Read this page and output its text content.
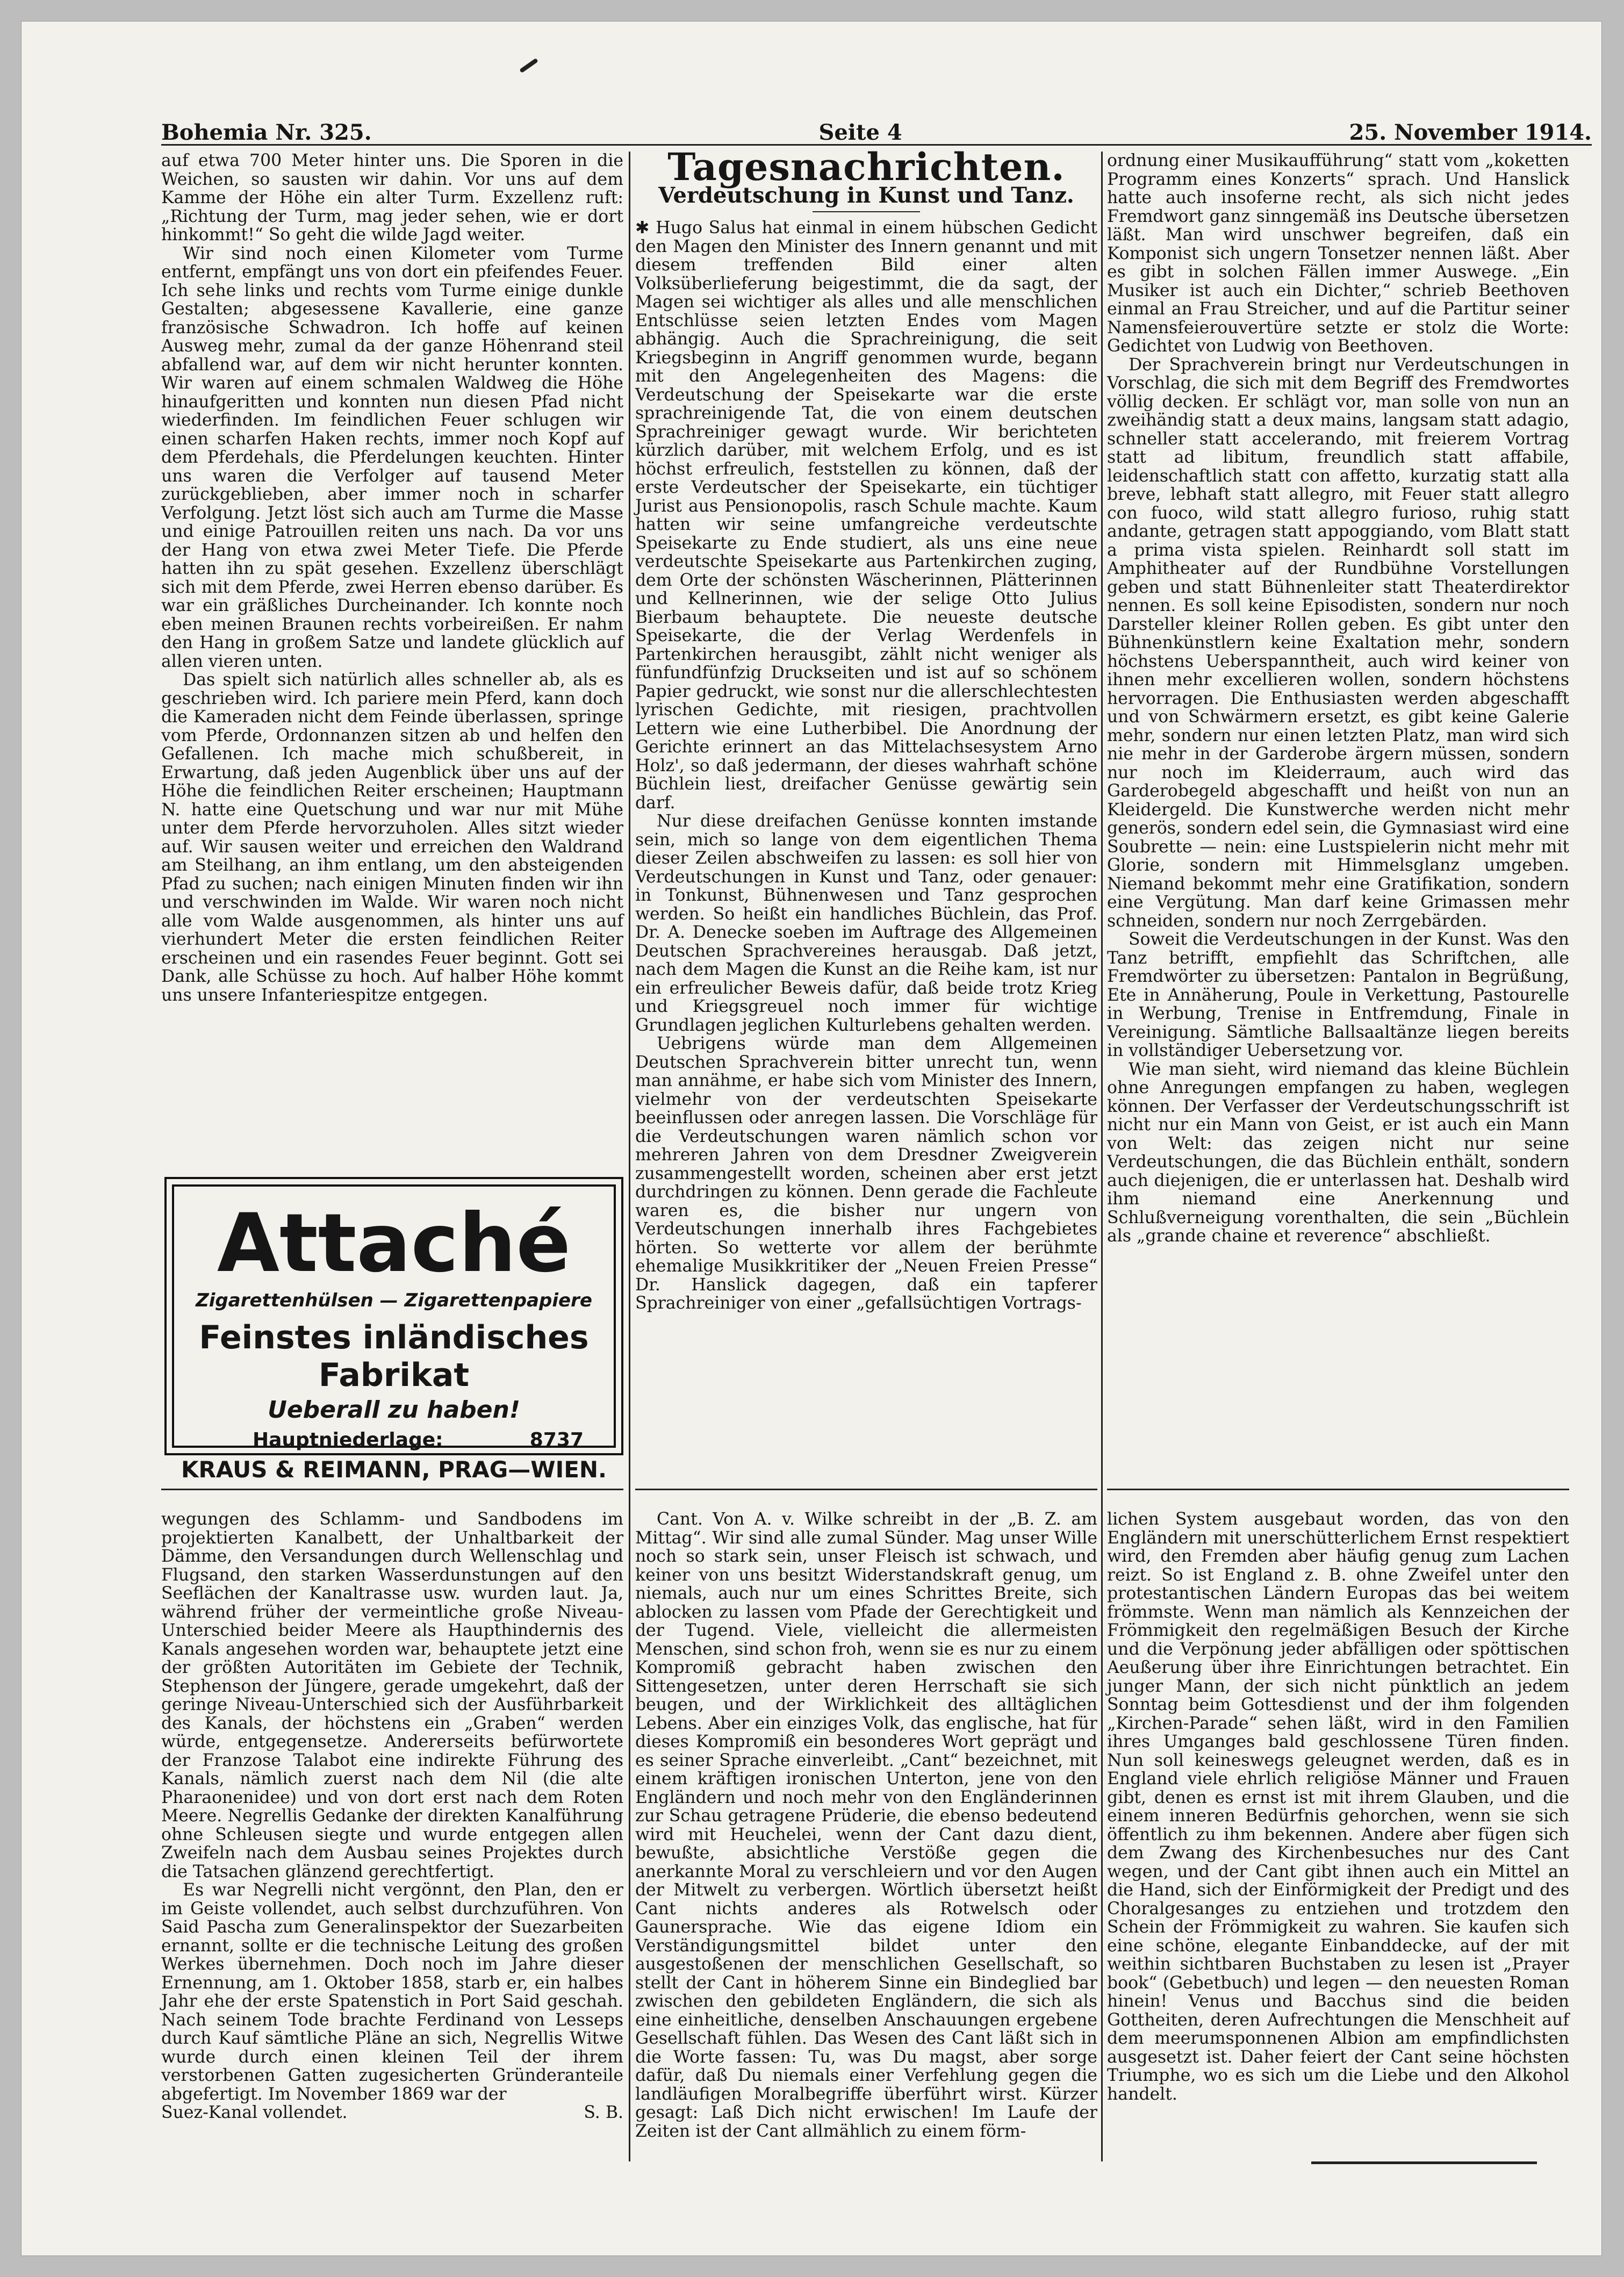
Bohemia Nr. 325.	Seite 4	25. November 1914.

auf etwa 700 Meter hinter uns. Die Sporen in die Weichen, so sausten wir dahin. Vor uns auf dem Kamme der Höhe ein alter Turm. Exzellenz ruft: „Richtung der Turm, mag jeder sehen, wie er dort hinkommt!“ So geht die wilde Jagd weiter.

Wir sind noch einen Kilometer vom Turme entfernt, empfängt uns von dort ein pfeifendes Feuer. Ich sehe links und rechts vom Turme einige dunkle Gestalten; abgesessene Kavallerie, eine ganze französische Schwadron. Ich hoffe auf keinen Ausweg mehr, zumal da der ganze Höhenrand steil abfallend war, auf dem wir nicht herunter konnten. Wir waren auf einem schmalen Waldweg die Höhe hinaufgeritten und konnten nun diesen Pfad nicht wiederfinden. Im feindlichen Feuer schlugen wir einen scharfen Haken rechts, immer noch Kopf auf dem Pferdehals, die Pferdelungen keuchten. Hinter uns waren die Verfolger auf tausend Meter zurückgeblieben, aber immer noch in scharfer Verfolgung. Jetzt löst sich auch am Turme die Masse und einige Patrouillen reiten uns nach. Da vor uns der Hang von etwa zwei Meter Tiefe. Die Pferde hatten ihn zu spät gesehen. Exzellenz überschlägt sich mit dem Pferde, zwei Herren ebenso darüber. Es war ein gräßliches Durcheinander. Ich konnte noch eben meinen Braunen rechts vorbeireißen. Er nahm den Hang in großem Satze und landete glücklich auf allen vieren unten.

Das spielt sich natürlich alles schneller ab, als es geschrieben wird. Ich pariere mein Pferd, kann doch die Kameraden nicht dem Feinde überlassen, springe vom Pferde, Ordonnanzen sitzen ab und helfen den Gefallenen. Ich mache mich schußbereit, in Erwartung, daß jeden Augenblick über uns auf der Höhe die feindlichen Reiter erscheinen; Hauptmann N. hatte eine Quetschung und war nur mit Mühe unter dem Pferde hervorzuholen. Alles sitzt wieder auf. Wir sausen weiter und erreichen den Waldrand am Steilhang, an ihm entlang, um den absteigenden Pfad zu suchen; nach einigen Minuten finden wir ihn und verschwinden im Walde. Wir waren noch nicht alle vom Walde ausgenommen, als hinter uns auf vierhundert Meter die ersten feindlichen Reiter erscheinen und ein rasendes Feuer beginnt. Gott sei Dank, alle Schüsse zu hoch. Auf halber Höhe kommt uns unsere Infanteriespitze entgegen.

Attaché
Zigarettenhülsen — Zigarettenpapiere
Feinstes inländisches Fabrikat
Ueberall zu haben!
Hauptniederlage:	8737
KRAUS & REIMANN, PRAG—WIEN.
Tagesnachrichten.
Verdeutschung in Kunst und Tanz.

✱ Hugo Salus hat einmal in einem hübschen Gedicht den Magen den Minister des Innern genannt und mit diesem treffenden Bild einer alten Volksüberlieferung beigestimmt, die da sagt, der Magen sei wichtiger als alles und alle menschlichen Entschlüsse seien letzten Endes vom Magen abhängig. Auch die Sprachreinigung, die seit Kriegsbeginn in Angriff genommen wurde, begann mit den Angelegenheiten des Magens: die Verdeutschung der Speisekarte war die erste sprachreinigende Tat, die von einem deutschen Sprachreiniger gewagt wurde. Wir berichteten kürzlich darüber, mit welchem Erfolg, und es ist höchst erfreulich, feststellen zu können, daß der erste Verdeutscher der Speisekarte, ein tüchtiger Jurist aus Pensionopolis, rasch Schule machte. Kaum hatten wir seine umfangreiche verdeutschte Speisekarte zu Ende studiert, als uns eine neue verdeutschte Speisekarte aus Partenkirchen zuging, dem Orte der schönsten Wäscherinnen, Plätterinnen und Kellnerinnen, wie der selige Otto Julius Bierbaum behauptete. Die neueste deutsche Speisekarte, die der Verlag Werdenfels in Partenkirchen herausgibt, zählt nicht weniger als fünfundfünfzig Druckseiten und ist auf so schönem Papier gedruckt, wie sonst nur die allerschlechtesten lyrischen Gedichte, mit riesigen, prachtvollen Lettern wie eine Lutherbibel. Die Anordnung der Gerichte erinnert an das Mittelachsesystem Arno Holz', so daß jedermann, der dieses wahrhaft schöne Büchlein liest, dreifacher Genüsse gewärtig sein darf.

Nur diese dreifachen Genüsse konnten imstande sein, mich so lange von dem eigentlichen Thema dieser Zeilen abschweifen zu lassen: es soll hier von Verdeutschungen in Kunst und Tanz, oder genauer: in Tonkunst, Bühnenwesen und Tanz gesprochen werden. So heißt ein handliches Büchlein, das Prof. Dr. A. Denecke soeben im Auftrage des Allgemeinen Deutschen Sprachvereines herausgab. Daß jetzt, nach dem Magen die Kunst an die Reihe kam, ist nur ein erfreulicher Beweis dafür, daß beide trotz Krieg und Kriegsgreuel noch immer für wichtige Grundlagen jeglichen Kulturlebens gehalten werden.

Uebrigens würde man dem Allgemeinen Deutschen Sprachverein bitter unrecht tun, wenn man annähme, er habe sich vom Minister des Innern, vielmehr von der verdeutschten Speisekarte beeinflussen oder anregen lassen. Die Vorschläge für die Verdeutschungen waren nämlich schon vor mehreren Jahren von dem Dresdner Zweigverein zusammengestellt worden, scheinen aber erst jetzt durchdringen zu können. Denn gerade die Fachleute waren es, die bisher nur ungern von Verdeutschungen innerhalb ihres Fachgebietes hörten. So wetterte vor allem der berühmte ehemalige Musikkritiker der „Neuen Freien Presse“ Dr. Hanslick dagegen, daß ein tapferer Sprachreiniger von einer „gefallsüchtigen Vortrags-

ordnung einer Musikaufführung“ statt vom „koketten Programm eines Konzerts“ sprach. Und Hanslick hatte auch insoferne recht, als sich nicht jedes Fremdwort ganz sinngemäß ins Deutsche übersetzen läßt. Man wird unschwer begreifen, daß ein Komponist sich ungern Tonsetzer nennen läßt. Aber es gibt in solchen Fällen immer Auswege. „Ein Musiker ist auch ein Dichter,“ schrieb Beethoven einmal an Frau Streicher, und auf die Partitur seiner Namensfeierouvertüre setzte er stolz die Worte: Gedichtet von Ludwig von Beethoven.

Der Sprachverein bringt nur Verdeutschungen in Vorschlag, die sich mit dem Begriff des Fremdwortes völlig decken. Er schlägt vor, man solle von nun an zweihändig statt a deux mains, langsam statt adagio, schneller statt accelerando, mit freierem Vortrag statt ad libitum, freundlich statt affabile, leidenschaftlich statt con affetto, kurzatig statt alla breve, lebhaft statt allegro, mit Feuer statt allegro con fuoco, wild statt allegro furioso, ruhig statt andante, getragen statt appoggiando, vom Blatt statt a prima vista spielen. Reinhardt soll statt im Amphitheater auf der Rundbühne Vorstellungen geben und statt Bühnenleiter statt Theaterdirektor nennen. Es soll keine Episodisten, sondern nur noch Darsteller kleiner Rollen geben. Es gibt unter den Bühnenkünstlern keine Exaltation mehr, sondern höchstens Ueberspanntheit, auch wird keiner von ihnen mehr excellieren wollen, sondern höchstens hervorragen. Die Enthusiasten werden abgeschafft und von Schwärmern ersetzt, es gibt keine Galerie mehr, sondern nur einen letzten Platz, man wird sich nie mehr in der Garderobe ärgern müssen, sondern nur noch im Kleiderraum, auch wird das Garderobegeld abgeschafft und heißt von nun an Kleidergeld. Die Kunstwerche werden nicht mehr generös, sondern edel sein, die Gymnasiast wird eine Soubrette — nein: eine Lustspielerin nicht mehr mit Glorie, sondern mit Himmelsglanz umgeben. Niemand bekommt mehr eine Gratifikation, sondern eine Vergütung. Man darf keine Grimassen mehr schneiden, sondern nur noch Zerrgebärden.

Soweit die Verdeutschungen in der Kunst. Was den Tanz betrifft, empfiehlt das Schriftchen, alle Fremdwörter zu übersetzen: Pantalon in Begrüßung, Ete in Annäherung, Poule in Verkettung, Pastourelle in Werbung, Trenise in Entfremdung, Finale in Vereinigung. Sämtliche Ballsaaltänze liegen bereits in vollständiger Uebersetzung vor.

Wie man sieht, wird niemand das kleine Büchlein ohne Anregungen empfangen zu haben, weglegen können. Der Verfasser der Verdeutschungsschrift ist nicht nur ein Mann von Geist, er ist auch ein Mann von Welt: das zeigen nicht nur seine Verdeutschungen, die das Büchlein enthält, sondern auch diejenigen, die er unterlassen hat. Deshalb wird ihm niemand eine Anerkennung und Schlußverneigung vorenthalten, die sein „Büchlein als „grande chaine et reverence“ abschließt.

wegungen des Schlamm- und Sandbodens im projektierten Kanalbett, der Unhaltbarkeit der Dämme, den Versandungen durch Wellenschlag und Flugsand, den starken Wasserdunstungen auf den Seeflächen der Kanaltrasse usw. wurden laut. Ja, während früher der vermeintliche große Niveau-Unterschied beider Meere als Haupthindernis des Kanals angesehen worden war, behauptete jetzt eine der größten Autoritäten im Gebiete der Technik, Stephenson der Jüngere, gerade umgekehrt, daß der geringe Niveau-Unterschied sich der Ausführbarkeit des Kanals, der höchstens ein „Graben“ werden würde, entgegensetze. Andererseits befürwortete der Franzose Talabot eine indirekte Führung des Kanals, nämlich zuerst nach dem Nil (die alte Pharaonenidee) und von dort erst nach dem Roten Meere. Negrellis Gedanke der direkten Kanalführung ohne Schleusen siegte und wurde entgegen allen Zweifeln nach dem Ausbau seines Projektes durch die Tatsachen glänzend gerechtfertigt.

Es war Negrelli nicht vergönnt, den Plan, den er im Geiste vollendet, auch selbst durchzuführen. Von Said Pascha zum Generalinspektor der Suezarbeiten ernannt, sollte er die technische Leitung des großen Werkes übernehmen. Doch noch im Jahre dieser Ernennung, am 1. Oktober 1858, starb er, ein halbes Jahr ehe der erste Spatenstich in Port Said geschah. Nach seinem Tode brachte Ferdinand von Lesseps durch Kauf sämtliche Pläne an sich, Negrellis Witwe wurde durch einen kleinen Teil der ihrem verstorbenen Gatten zugesicherten Gründeranteile abgefertigt. Im November 1869 war der

Suez-Kanal vollendet.	S. B.

Cant. Von A. v. Wilke schreibt in der „B. Z. am Mittag“. Wir sind alle zumal Sünder. Mag unser Wille noch so stark sein, unser Fleisch ist schwach, und keiner von uns besitzt Widerstandskraft genug, um niemals, auch nur um eines Schrittes Breite, sich ablocken zu lassen vom Pfade der Gerechtigkeit und der Tugend. Viele, vielleicht die allermeisten Menschen, sind schon froh, wenn sie es nur zu einem Kompromiß gebracht haben zwischen den Sittengesetzen, unter deren Herrschaft sie sich beugen, und der Wirklichkeit des alltäglichen Lebens. Aber ein einziges Volk, das englische, hat für dieses Kompromiß ein besonderes Wort geprägt und es seiner Sprache einverleibt. „Cant“ bezeichnet, mit einem kräftigen ironischen Unterton, jene von den Engländern und noch mehr von den Engländerinnen zur Schau getragene Prüderie, die ebenso bedeutend wird mit Heuchelei, wenn der Cant dazu dient, bewußte, absichtliche Verstöße gegen die anerkannte Moral zu verschleiern und vor den Augen der Mitwelt zu verbergen. Wörtlich übersetzt heißt Cant nichts anderes als Rotwelsch oder Gaunersprache. Wie das eigene Idiom ein Verständigungsmittel bildet unter den ausgestoßenen der menschlichen Gesellschaft, so stellt der Cant in höherem Sinne ein Bindeglied bar zwischen den gebildeten Engländern, die sich als eine einheitliche, denselben Anschauungen ergebene Gesellschaft fühlen. Das Wesen des Cant läßt sich in die Worte fassen: Tu, was Du magst, aber sorge dafür, daß Du niemals einer Verfehlung gegen die landläufigen Moralbegriffe überführt wirst. Kürzer gesagt: Laß Dich nicht erwischen! Im Laufe der Zeiten ist der Cant allmählich zu einem förm-

lichen System ausgebaut worden, das von den Engländern mit unerschütterlichem Ernst respektiert wird, den Fremden aber häufig genug zum Lachen reizt. So ist England z. B. ohne Zweifel unter den protestantischen Ländern Europas das bei weitem frömmste. Wenn man nämlich als Kennzeichen der Frömmigkeit den regelmäßigen Besuch der Kirche und die Verpönung jeder abfälligen oder spöttischen Aeußerung über ihre Einrichtungen betrachtet. Ein junger Mann, der sich nicht pünktlich an jedem Sonntag beim Gottesdienst und der ihm folgenden „Kirchen-Parade“ sehen läßt, wird in den Familien ihres Umganges bald geschlossene Türen finden. Nun soll keineswegs geleugnet werden, daß es in England viele ehrlich religiöse Männer und Frauen gibt, denen es ernst ist mit ihrem Glauben, und die einem inneren Bedürfnis gehorchen, wenn sie sich öffentlich zu ihm bekennen. Andere aber fügen sich dem Zwang des Kirchenbesuches nur des Cant wegen, und der Cant gibt ihnen auch ein Mittel an die Hand, sich der Einförmigkeit der Predigt und des Choralgesanges zu entziehen und trotzdem den Schein der Frömmigkeit zu wahren. Sie kaufen sich eine schöne, elegante Einbanddecke, auf der mit weithin sichtbaren Buchstaben zu lesen ist „Prayer book“ (Gebetbuch) und legen — den neuesten Roman hinein! Venus und Bacchus sind die beiden Gottheiten, deren Aufrechtungen die Menschheit auf dem meerumsponnenen Albion am empfindlichsten ausgesetzt ist. Daher feiert der Cant seine höchsten Triumphe, wo es sich um die Liebe und den Alkohol handelt.
